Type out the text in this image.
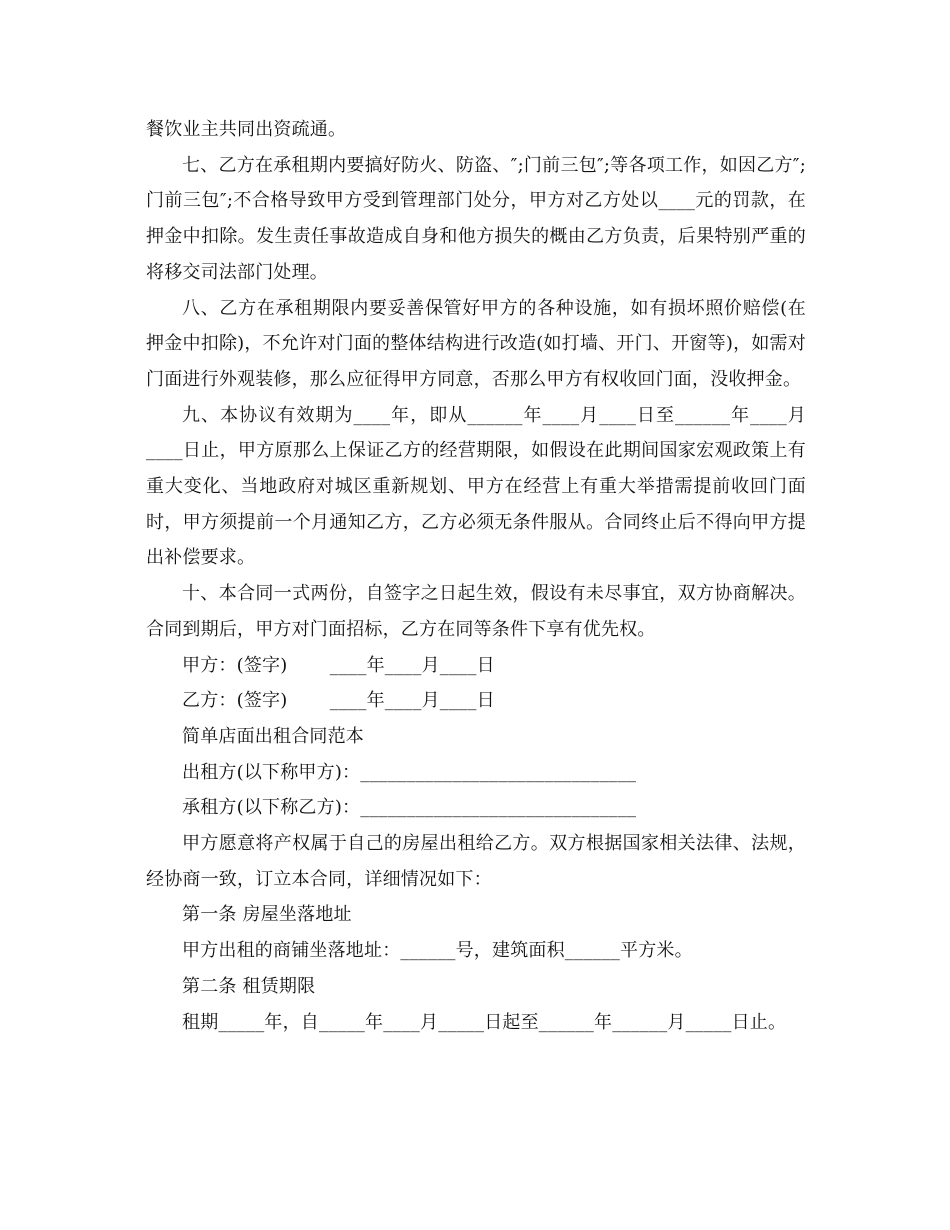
餐饮业主共同出资疏通。

七、乙方在承租期内要搞好防火、防盗、″;门前三包″;等各项工作，如因乙方″;门前三包″;不合格导致甲方受到管理部门处分，甲方对乙方处以____元的罚款，在押金中扣除。发生责任事故造成自身和他方损失的概由乙方负责，后果特别严重的将移交司法部门处理。

八、乙方在承租期限内要妥善保管好甲方的各种设施，如有损坏照价赔偿(在押金中扣除)，不允许对门面的整体结构进行改造(如打墙、开门、开窗等)，如需对门面进行外观装修，那么应征得甲方同意，否那么甲方有权收回门面，没收押金。

九、本协议有效期为____年，即从______年____月____日至______年____月____日止，甲方原那么上保证乙方的经营期限，如假设在此期间国家宏观政策上有重大变化、当地政府对城区重新规划、甲方在经营上有重大举措需提前收回门面时，甲方须提前一个月通知乙方，乙方必须无条件服从。合同终止后不得向甲方提出补偿要求。

十、本合同一式两份，自签字之日起生效，假设有未尽事宜，双方协商解决。合同到期后，甲方对门面招标，乙方在同等条件下享有优先权。

甲方：(签字)　　 ____年____月____日

乙方：(签字)　　 ____年____月____日

简单店面出租合同范本

出租方(以下称甲方)：______________________________

承租方(以下称乙方)：______________________________

甲方愿意将产权属于自己的房屋出租给乙方。双方根据国家相关法律、法规，经协商一致，订立本合同，详细情况如下：

第一条 房屋坐落地址

甲方出租的商铺坐落地址：______号，建筑面积______平方米。

第二条 租赁期限

租期_____年，自_____年____月_____日起至______年______月_____日止。
